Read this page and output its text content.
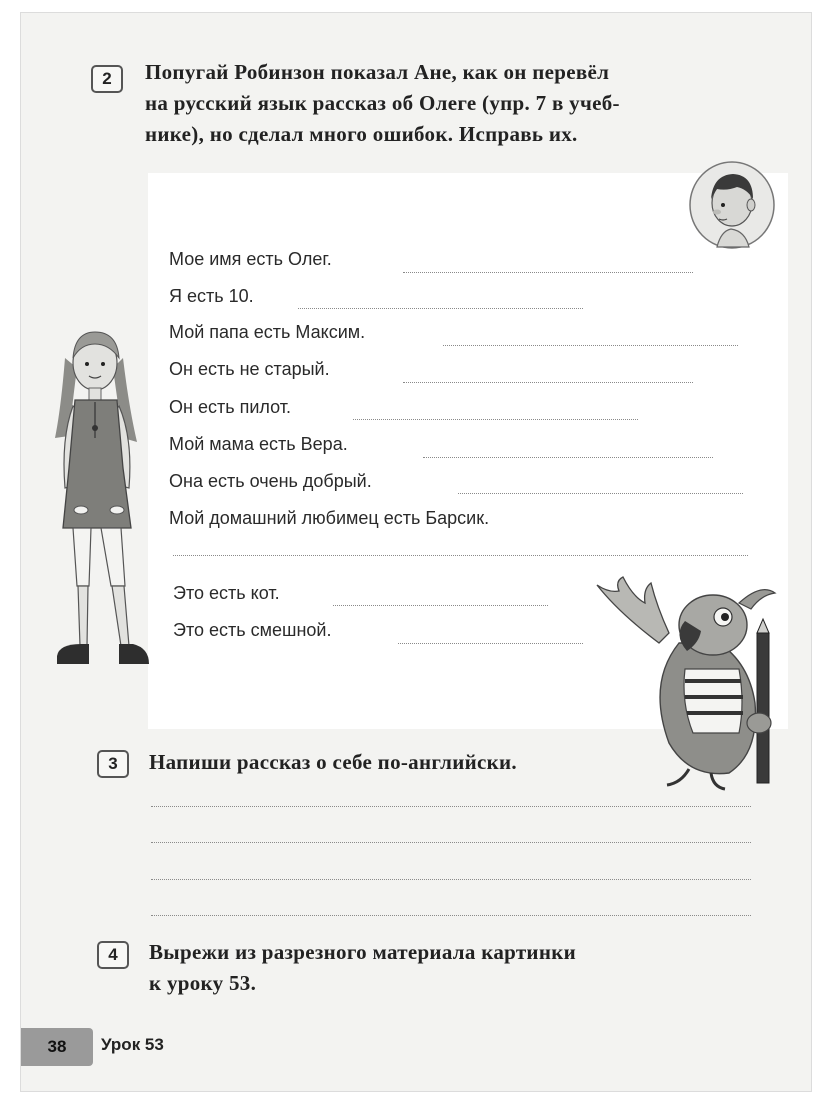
2	Попугай Робинзон показал Ане, как он перевёл
на русский язык рассказ об Олеге (упр. 7 в учеб-
нике), но сделал много ошибок. Исправь их.
Мое имя есть Олег.
Я есть 10.
Мой папа есть Максим.
Он есть не старый.
Он есть пилот.
Мой мама есть Вера.
Она есть очень добрый.
Мой домашний любимец есть Барсик.
Это есть кот.
Это есть смешной.
3	Напиши рассказ о себе по-английски.
4	Вырежи из разрезного материала картинки
к уроку 53.
38	Урок 53
